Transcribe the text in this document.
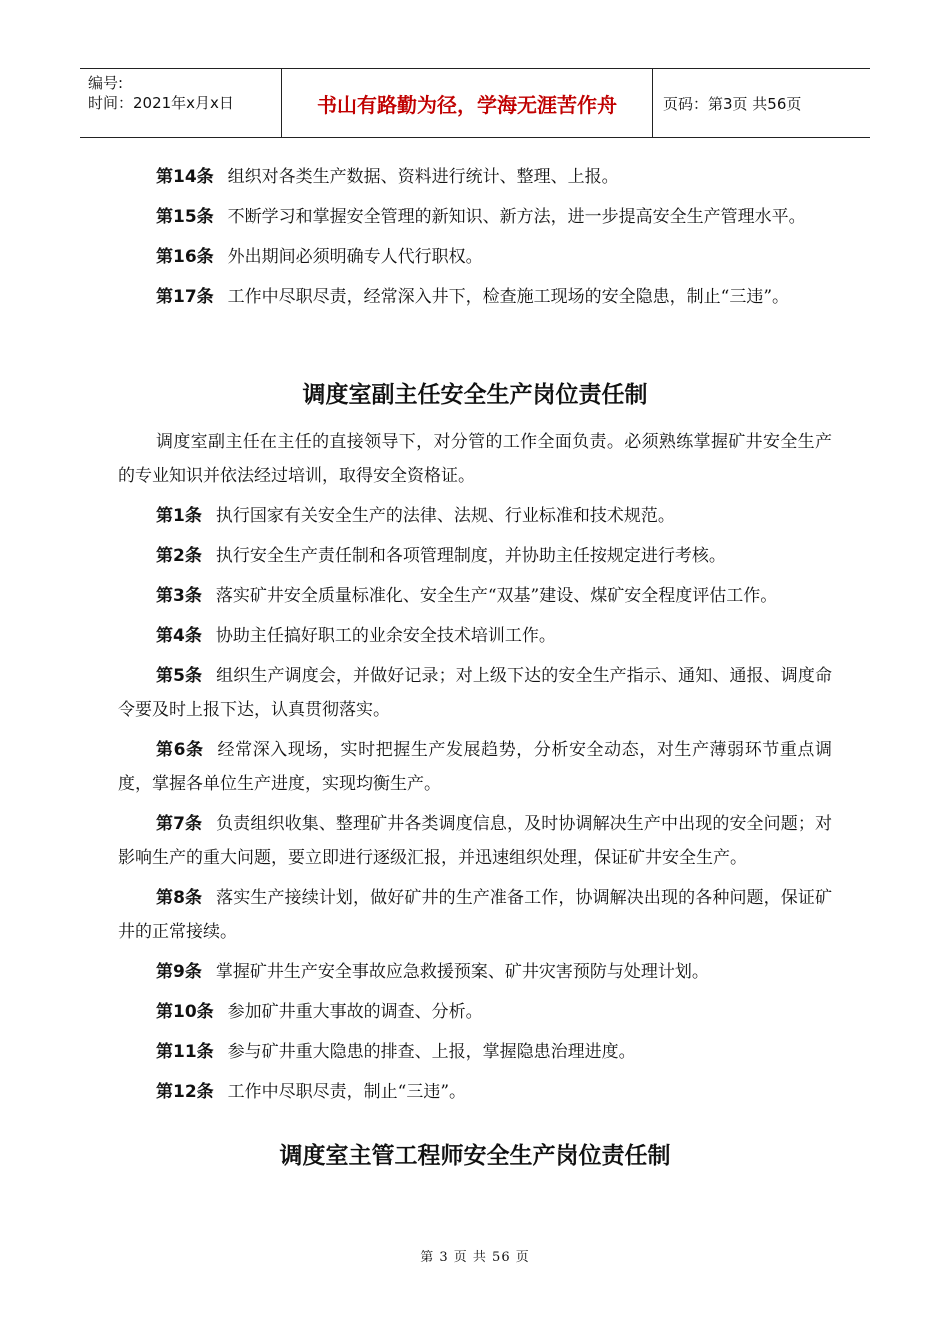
编号:
时间：2021年x月x日	书山有路勤为径，学海无涯苦作舟	页码：第3页 共56页

第14条 组织对各类生产数据、资料进行统计、整理、上报。

第15条 不断学习和掌握安全管理的新知识、新方法，进一步提高安全生产管理水平。

第16条 外出期间必须明确专人代行职权。

第17条 工作中尽职尽责，经常深入井下，检查施工现场的安全隐患，制止“三违”。

调度室副主任安全生产岗位责任制

调度室副主任在主任的直接领导下，对分管的工作全面负责。必须熟练掌握矿井安全生产的专业知识并依法经过培训，取得安全资格证。

第1条 执行国家有关安全生产的法律、法规、行业标准和技术规范。

第2条 执行安全生产责任制和各项管理制度，并协助主任按规定进行考核。

第3条 落实矿井安全质量标准化、安全生产“双基”建设、煤矿安全程度评估工作。

第4条 协助主任搞好职工的业余安全技术培训工作。

第5条 组织生产调度会，并做好记录；对上级下达的安全生产指示、通知、通报、调度命令要及时上报下达，认真贯彻落实。

第6条 经常深入现场，实时把握生产发展趋势，分析安全动态，对生产薄弱环节重点调度，掌握各单位生产进度，实现均衡生产。

第7条 负责组织收集、整理矿井各类调度信息，及时协调解决生产中出现的安全问题；对影响生产的重大问题，要立即进行逐级汇报，并迅速组织处理，保证矿井安全生产。

第8条 落实生产接续计划，做好矿井的生产准备工作，协调解决出现的各种问题，保证矿井的正常接续。

第9条 掌握矿井生产安全事故应急救援预案、矿井灾害预防与处理计划。

第10条 参加矿井重大事故的调查、分析。

第11条 参与矿井重大隐患的排查、上报，掌握隐患治理进度。

第12条 工作中尽职尽责，制止“三违”。

调度室主管工程师安全生产岗位责任制
第 3 页 共 56 页
